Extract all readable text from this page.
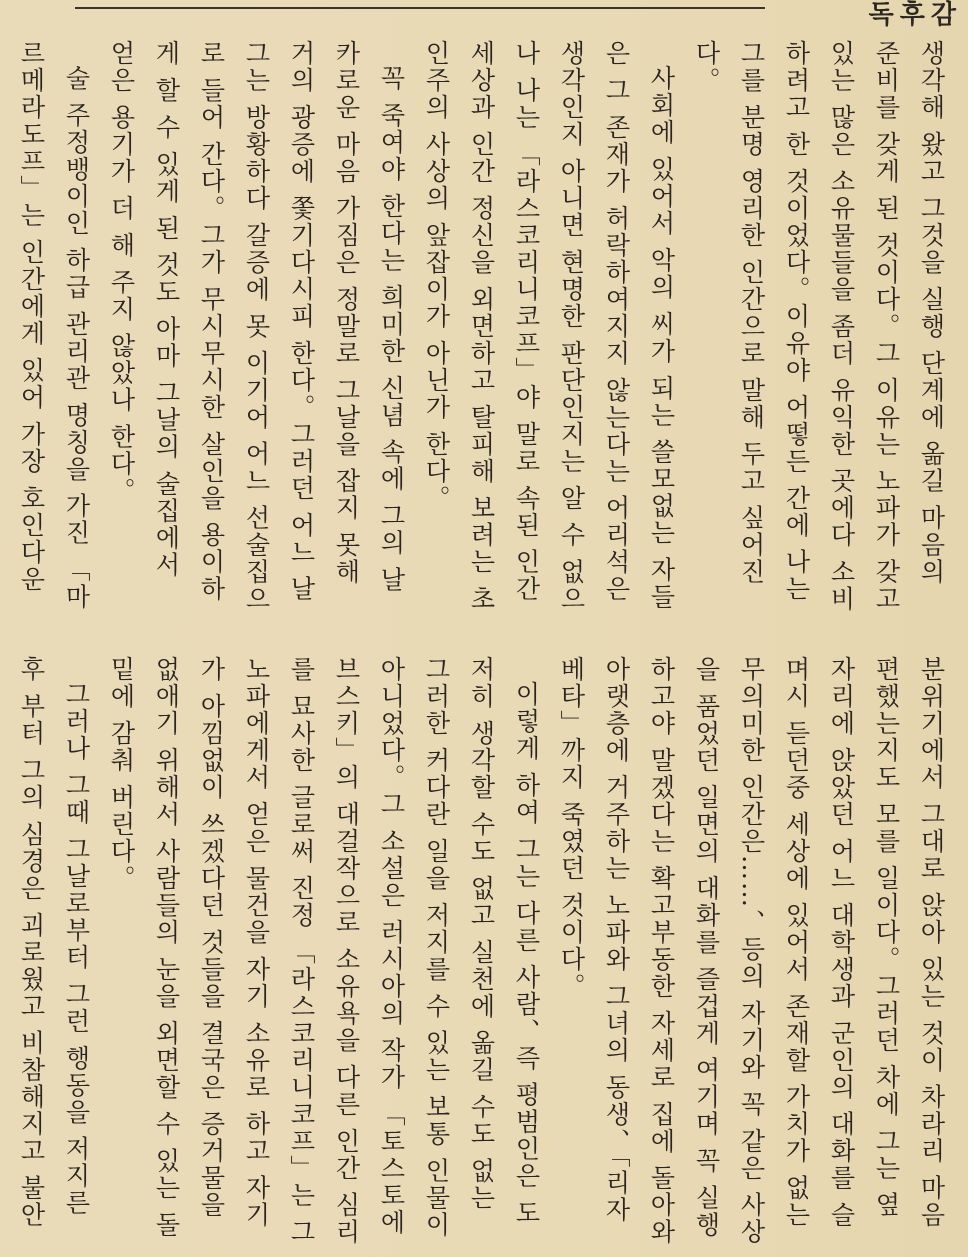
독후감

생각해 왔고 그것을 실행 단계에 옮길 마음의 준비를 갖게 된 것이다。그 이유는 노파가 갖고 있는 많은 소유물들을 좀더 유익한 곳에다 소비하려고 한 것이었다。이유야 어떻든 간에 나는 그를 분명 영리한 인간으로 말해 두고 싶어진다。

사회에 있어서 악의 씨가 되는 쓸모없는 자들은 그 존재가 허락하여지지 않는다는 어리석은 생각인지 아니면 현명한 판단인지는 알 수 없으나 나는 「라스코리니코프」야 말로 속된 인간 세상과 인간 정신을 외면하고 탈피해 보려는 초인주의 사상의 앞잡이가 아닌가 한다。

꼭 죽여야 한다는 희미한 신념 속에 그의 날카로운 마음 가짐은 정말로 그날을 잡지 못해 거의 광증에 쫓기다시피 한다。그러던 어느 날 그는 방황하다 갈증에 못 이기어 어느 선술집으로 들어 간다。그가 무시무시한 살인을 용이하게 할 수 있게 된 것도 아마 그날의 술집에서 얻은 용기가 더 해 주지 않았나 한다。

술 주정뱅이인 하급 관리관 명칭을 가진 「마르메라도프」는 인간에게 있어 가장 호인다운

분위기에서 그대로 앉아 있는 것이 차라리 마음 편했는지도 모를 일이다。그러던 차에 그는 옆 자리에 앉았던 어느 대학생과 군인의 대화를 슬며시 듣던중 세상에 있어서 존재할 가치가 없는 무의미한 인간은……、등의 자기와 꼭 같은 사상을 품었던 일면의 대화를 즐겁게 여기며 꼭 실행하고야 말겠다는 확고부동한 자세로 집에 돌아와 아랫층에 거주하는 노파와 그녀의 동생、「리자베타」까지 죽였던 것이다。

이렇게 하여 그는 다른 사람、즉 평범인은 도저히 생각할 수도 없고 실천에 옮길 수도 없는 그러한 커다란 일을 저지를 수 있는 보통 인물이 아니었다。그 소설은 러시아의 작가 「토스토에브스키」의 대걸작으로 소유욕을 다른 인간 심리를 묘사한 글로써 진정 「라스코리니코프」는 그 노파에게서 얻은 물건을 자기 소유로 하고 자기가 아낌없이 쓰겠다던 것들을 결국은 증거물을 없애기 위해서 사람들의 눈을 외면할 수 있는 돌 밑에 감춰 버린다。

그러나 그때 그날로부터 그런 행동을 저지른 후 부터 그의 심경은 괴로웠고 비참해지고 불안
